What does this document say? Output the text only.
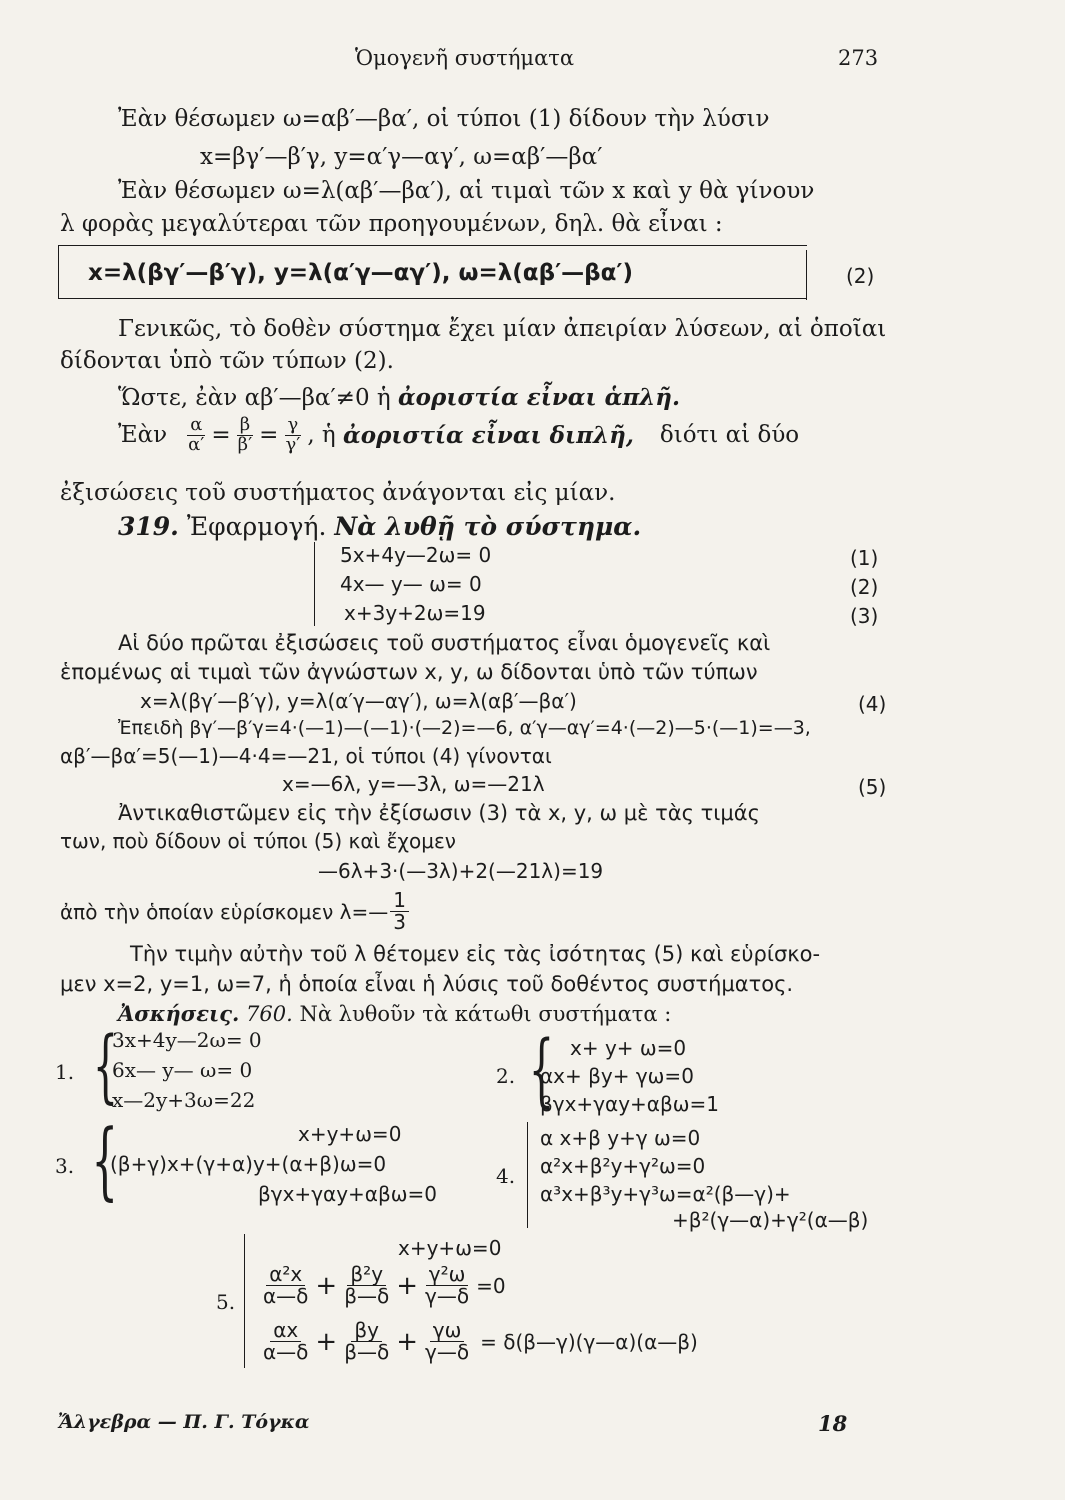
Ὁμογενῆ συστήματα	273
Ἐὰν θέσωμεν ω=αβ′—βα′, οἱ τύποι (1) δίδουν τὴν λύσιν
x=βγ′—β′γ, y=α′γ—αγ′, ω=αβ′—βα′
Ἐὰν θέσωμεν ω=λ(αβ′—βα′), αἱ τιμαὶ τῶν x καὶ y θὰ γίνουν
λ φορὰς μεγαλύτεραι τῶν προηγουμένων, δηλ. θὰ εἶναι :
x=λ(βγ′—β′γ), y=λ(α′γ—αγ′), ω=λ(αβ′—βα′)	(2)
Γενικῶς, τὸ δοθὲν σύστημα ἔχει μίαν ἀπειρίαν λύσεων, αἱ ὁποῖαι
δίδονται ὑπὸ τῶν τύπων (2).
Ὥστε, ἐὰν αβ′—βα′≠0 ἡ ἀοριστία εἶναι ἁπλῆ.
Ἐὰν $\frac{\alpha}{\alpha'} = \frac{\beta}{\beta'} = \frac{\gamma}{\gamma'}$ , ἡ
ἀοριστία εἶναι διπλῆ, διότι αἱ δύο
ἐξισώσεις τοῦ συστήματος ἀνάγονται εἰς μίαν.
319. Ἐφαρμογή. Νὰ λυθῇ τὸ σύστημα.
5x+4y—2ω= 0	(1)
4x— y— ω= 0	(2)
x+3y+2ω=19	(3)
Αἱ δύο πρῶται ἐξισώσεις τοῦ συστήματος εἶναι ὁμογενεῖς καὶ
ἑπομένως αἱ τιμαὶ τῶν ἀγνώστων x, y, ω δίδονται ὑπὸ τῶν τύπων
x=λ(βγ′—β′γ), y=λ(α′γ—αγ′), ω=λ(αβ′—βα′)	(4)
Ἐπειδὴ βγ′—β′γ=4·(—1)—(—1)·(—2)=—6, α′γ—αγ′=4·(—2)—5·(—1)=—3,
αβ′—βα′=5(—1)—4·4=—21, οἱ τύποι (4) γίνονται
x=—6λ, y=—3λ, ω=—21λ	(5)
Ἀντικαθιστῶμεν εἰς τὴν ἐξίσωσιν (3) τὰ x, y, ω μὲ τὰς τιμάς
των, ποὺ δίδουν οἱ τύποι (5) καὶ ἔχομεν
—6λ+3·(—3λ)+2(—21λ)=19
ἀπὸ τὴν ὁποίαν εὑρίσκομεν λ=— $\frac{1}{3}$
Τὴν τιμὴν αὐτὴν τοῦ λ θέτομεν εἰς τὰς ἰσότητας (5) καὶ εὑρίσκο-
μεν x=2, y=1, ω=7, ἡ ὁποία εἶναι ἡ λύσις τοῦ δοθέντος συστήματος.
Ἀσκήσεις. 760. Νὰ λυθοῦν τὰ κάτωθι συστήματα :
1. {
3x+4y—2ω= 0
6x— y— ω= 0
x—2y+3ω=22
2. { x+ y+ ω=0
αx+ βy+ γω=0
βγx+γαy+αβω=1
3. {	x+y+ω=0
(β+γ)x+(γ+α)y+(α+β)ω=0
βγx+γαy+αβω=0
4.
α x+β y+γ ω=0
α²x+β²y+γ²ω=0
α³x+β³y+γ³ω=α²(β—γ)+
+β²(γ—α)+γ²(α—β)
5.
x+y+ω=0
$\frac{\text{α²x}}{\alpha—\delta} + \frac{\text{β²y}}{\beta—\delta} + \frac{\text{γ²ω}}{\gamma—\delta} =0$
$\frac{\alpha x}{\alpha—\delta} + \frac{\beta y}{\beta—\delta} + \frac{\gamma\omega}{\gamma—\delta}$ = δ(β—γ)(γ—α)(α—β)
Ἄλγεβρα — Π. Γ. Τόγκα	18
